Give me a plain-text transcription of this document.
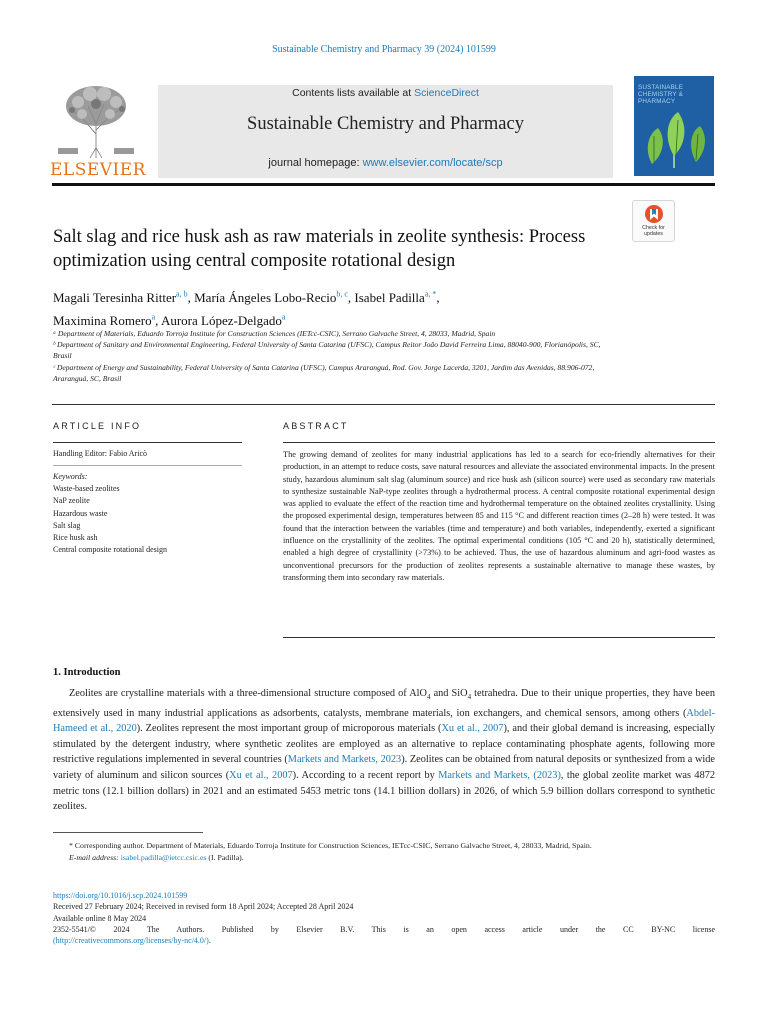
Sustainable Chemistry and Pharmacy 39 (2024) 101599
ELSEVIER
Contents lists available at ScienceDirect
Sustainable Chemistry and Pharmacy
journal homepage: www.elsevier.com/locate/scp
SUSTAINABLE CHEMISTRY & PHARMACY
Check for updates
Salt slag and rice husk ash as raw materials in zeolite synthesis: Process optimization using central composite rotational design
Magali Teresinha Ritter$^{a, b}$, María Ángeles Lobo-Recio$^{b, c}$, Isabel Padilla$^{a, *}$,
Maximina Romero$^a$, Aurora López-Delgado$^a$
ᵃ Department of Materials, Eduardo Torroja Institute for Construction Sciences (IETcc-CSIC), Serrano Galvache Street, 4, 28033, Madrid, Spain
ᵇ Department of Sanitary and Environmental Engineering, Federal University of Santa Catarina (UFSC), Campus Reitor João David Ferreira Lima, 88040-900, Florianópolis, SC, Brasil
ᶜ Department of Energy and Sustainability, Federal University of Santa Catarina (UFSC), Campus Araranguá, Rod. Gov. Jorge Lacerda, 3201, Jardim das Avenidas, 88.906-072, Araranguá, SC, Brasil
ARTICLE INFO	ABSTRACT
Handling Editor: Fabio Aricò
Keywords:
Waste-based zeolites
NaP zeolite
Hazardous waste
Salt slag
Rice husk ash
Central composite rotational design
The growing demand of zeolites for many industrial applications has led to a search for eco-friendly alternatives for their production, in an attempt to reduce costs, save natural resources and alleviate the associated environmental impacts. In the present study, hazardous aluminum salt slag (aluminum source) and rice husk ash (silicon source) were used as secondary raw materials to synthesize sustainable NaP-type zeolites through a hydrothermal process. A central composite rotational experimental design was applied to evaluate the effect of the reaction time and hydrothermal temperature on the obtained zeolites crystallinity. Using the proposed experimental design, temperatures between 85 and 115 °C and different reaction times (2–28 h) were tested. It was found that the interaction between the variables (time and temperature) and both variables, independently, exerted a significant influence on the crystallinity of the zeolites. The optimal experimental conditions (105 °C and 20 h), statistically determined, enabled a high degree of crystallinity (>73%) to be achieved. Thus, the use of hazardous aluminum and agri-food wastes as unconventional precursors for the production of zeolites represents a sustainable alternative to manage these wastes, by transforming them into secondary raw materials.
1. Introduction

Zeolites are crystalline materials with a three-dimensional structure composed of AlO$_4$ and SiO$_4$ tetrahedra. Due to their unique properties, they have been extensively used in many industrial applications as adsorbents, catalysts, membrane materials, ion exchangers, and chemical sensors, among others (Abdel-Hameed et al., 2020). Zeolites represent the most important group of microporous materials (Xu et al., 2007), and their global demand is increasing, especially stimulated by the detergent industry, where synthetic zeolites are employed as an alternative to replace contaminating phosphate agents, following more restrictive regulations implemented in several countries (Markets and Markets, 2023). Zeolites can be obtained from natural deposits or synthesized from a wide variety of aluminum and silicon sources (Xu et al., 2007). According to a recent report by Markets and Markets, (2023), the global zeolite market was 4872 metric tons (12.1 billion dollars) in 2021 and an estimated 5453 metric tons (14.1 billion dollars) in 2026, of which 5.9 billion dollars correspond to synthetic zeolites.

* Corresponding author. Department of Materials, Eduardo Torroja Institute for Construction Sciences, IETcc-CSIC, Serrano Galvache Street, 4, 28033, Madrid, Spain.
E-mail address: isabel.padilla@ietcc.csic.es (I. Padilla).
https://doi.org/10.1016/j.scp.2024.101599
Received 27 February 2024; Received in revised form 18 April 2024; Accepted 28 April 2024
Available online 8 May 2024
2352-5541/© 2024 The Authors. Published by Elsevier B.V. This is an open access article under the CC BY-NC license
(http://creativecommons.org/licenses/by-nc/4.0/).
